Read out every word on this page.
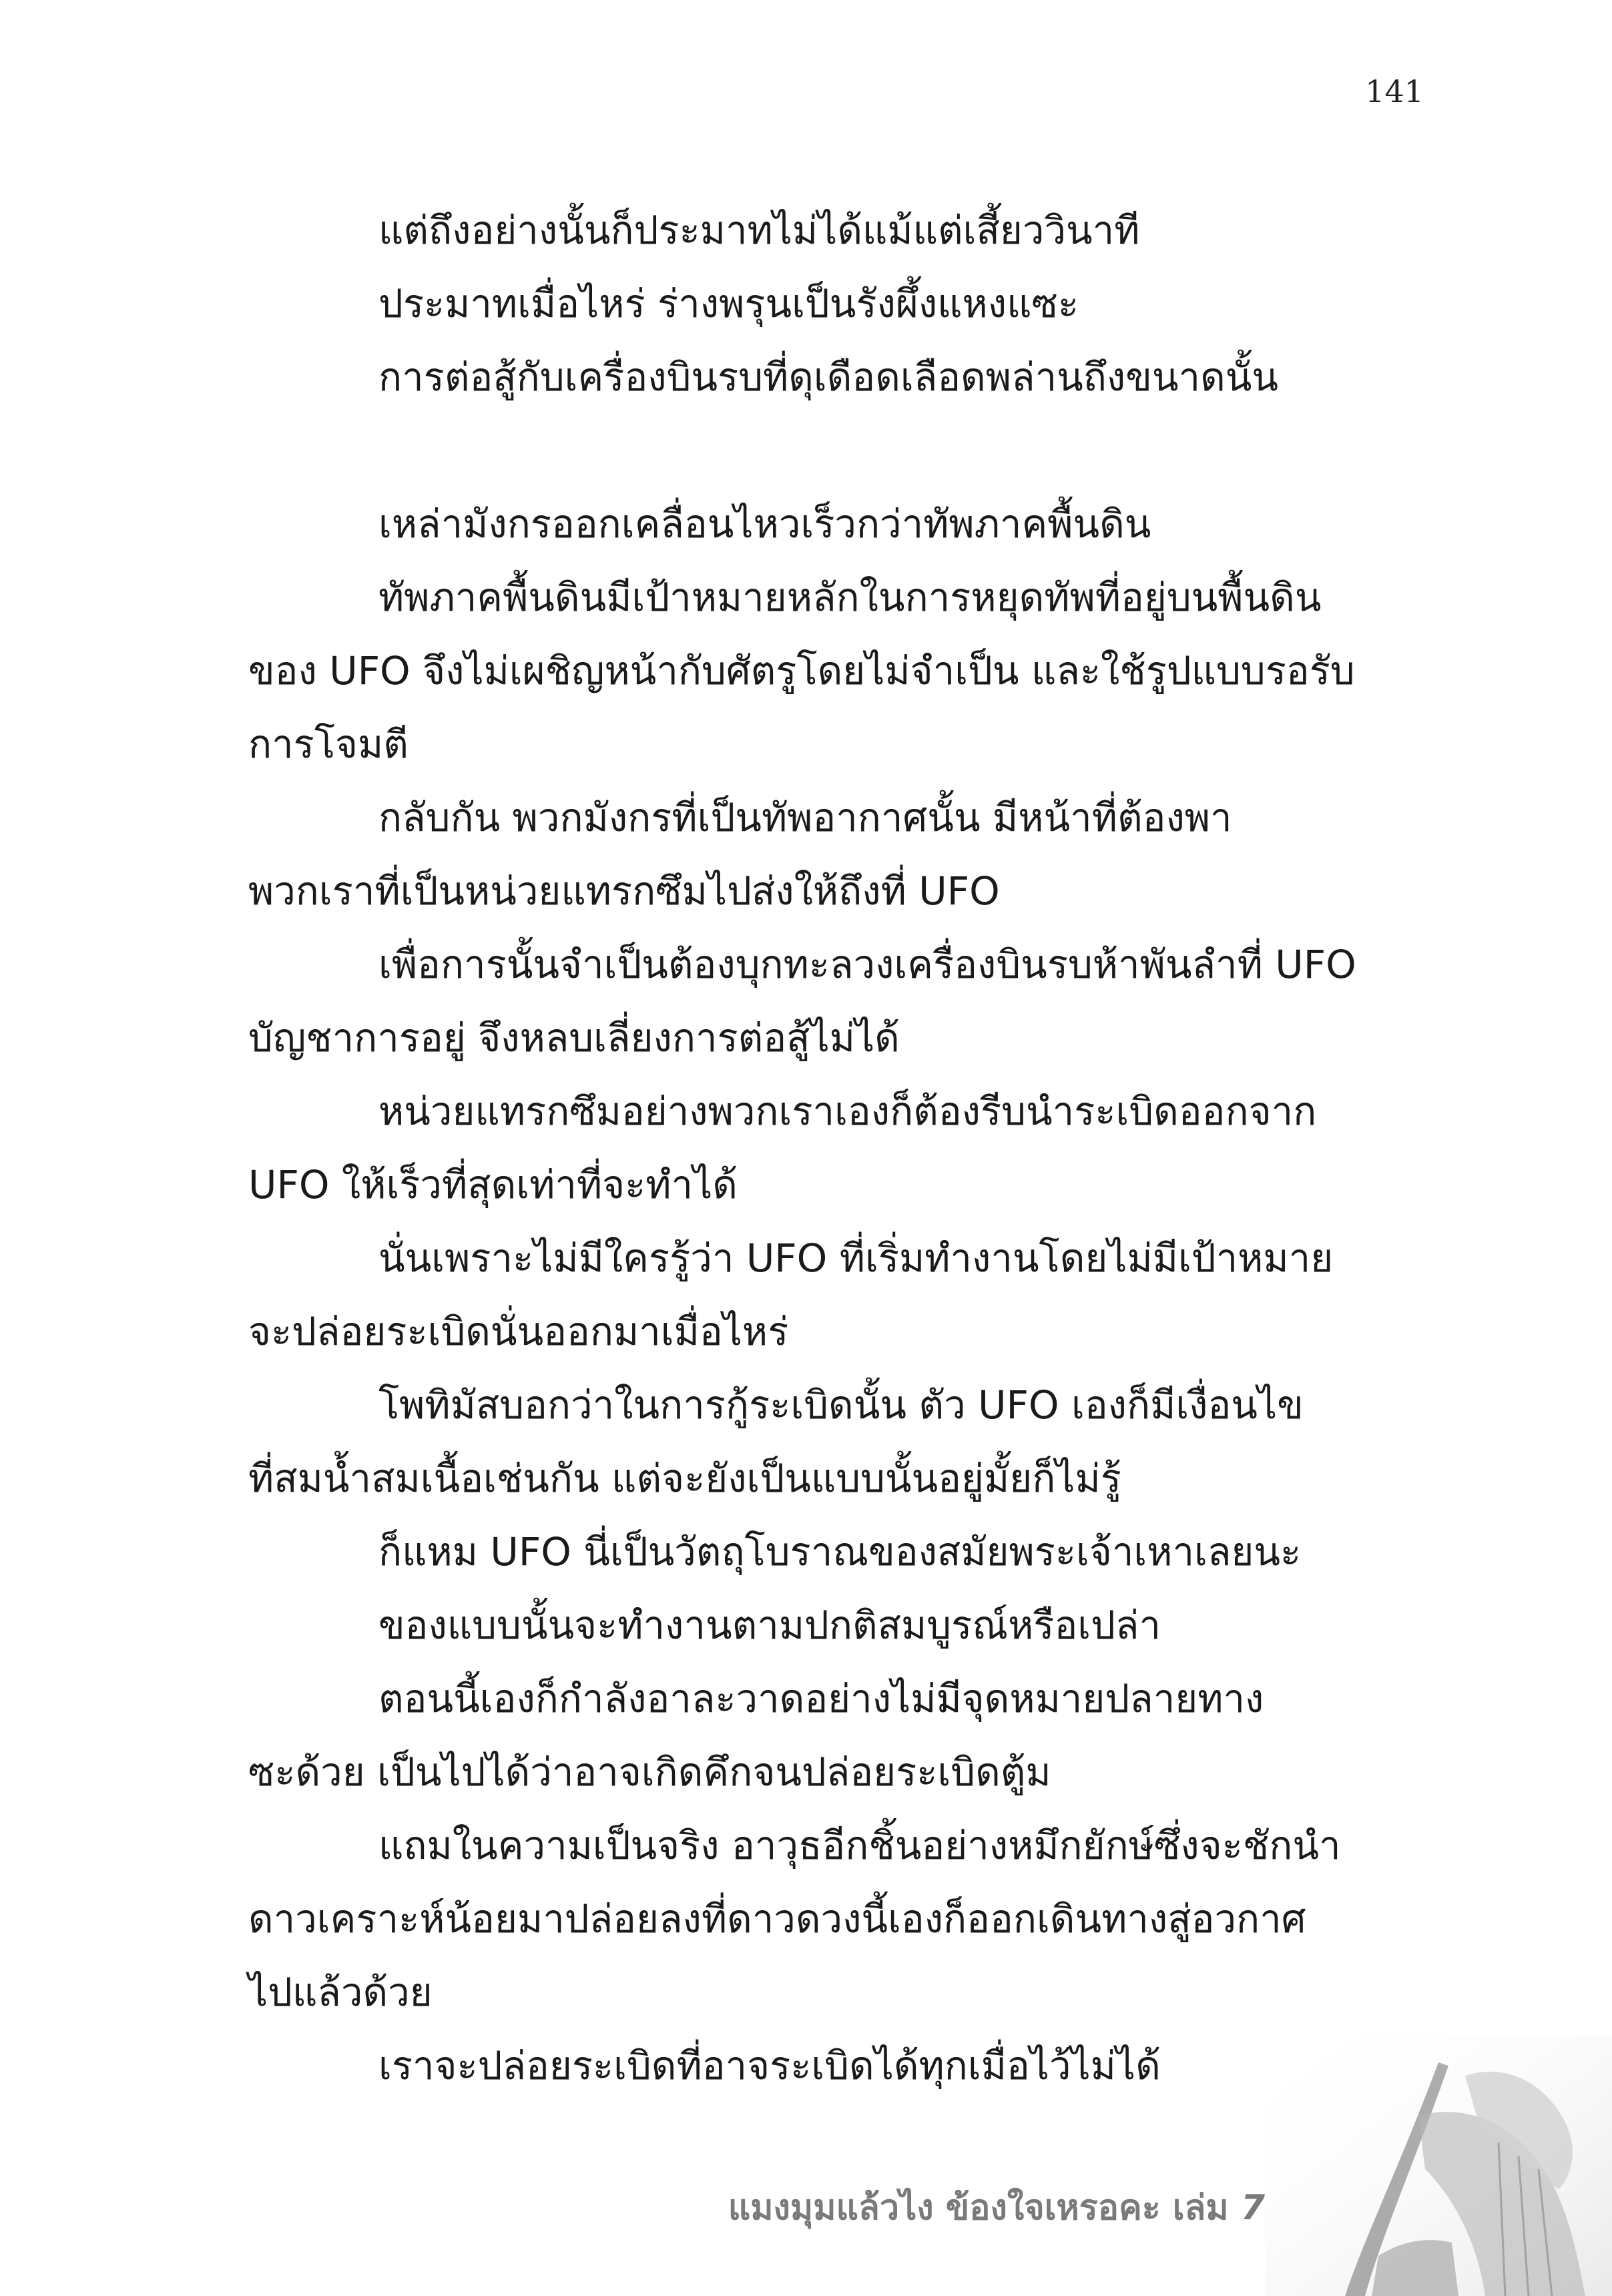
141
แต่ถึงอย่างนั้นก็ประมาทไม่ได้แม้แต่เสี้ยววินาที
ประมาทเมื่อไหร่ ร่างพรุนเป็นรังผึ้งแหงแซะ
การต่อสู้กับเครื่องบินรบที่ดุเดือดเลือดพล่านถึงขนาดนั้น
เหล่ามังกรออกเคลื่อนไหวเร็วกว่าทัพภาคพื้นดิน
ทัพภาคพื้นดินมีเป้าหมายหลักในการหยุดทัพที่อยู่บนพื้นดิน
ของ UFO จึงไม่เผชิญหน้ากับศัตรูโดยไม่จำเป็น และใช้รูปแบบรอรับ
การโจมตี
กลับกัน พวกมังกรที่เป็นทัพอากาศนั้น มีหน้าที่ต้องพา
พวกเราที่เป็นหน่วยแทรกซึมไปส่งให้ถึงที่ UFO
เพื่อการนั้นจำเป็นต้องบุกทะลวงเครื่องบินรบห้าพันลำที่ UFO
บัญชาการอยู่ จึงหลบเลี่ยงการต่อสู้ไม่ได้
หน่วยแทรกซึมอย่างพวกเราเองก็ต้องรีบนำระเบิดออกจาก
UFO ให้เร็วที่สุดเท่าที่จะทำได้
นั่นเพราะไม่มีใครรู้ว่า UFO ที่เริ่มทำงานโดยไม่มีเป้าหมาย
จะปล่อยระเบิดนั่นออกมาเมื่อไหร่
โพทิมัสบอกว่าในการกู้ระเบิดนั้น ตัว UFO เองก็มีเงื่อนไข
ที่สมน้ำสมเนื้อเช่นกัน แต่จะยังเป็นแบบนั้นอยู่มั้ยก็ไม่รู้
ก็แหม UFO นี่เป็นวัตถุโบราณของสมัยพระเจ้าเหาเลยนะ
ของแบบนั้นจะทำงานตามปกติสมบูรณ์หรือเปล่า
ตอนนี้เองก็กำลังอาละวาดอย่างไม่มีจุดหมายปลายทาง
ซะด้วย เป็นไปได้ว่าอาจเกิดคึกจนปล่อยระเบิดตู้ม
แถมในความเป็นจริง อาวุธอีกชิ้นอย่างหมึกยักษ์ซึ่งจะชักนำ
ดาวเคราะห์น้อยมาปล่อยลงที่ดาวดวงนี้เองก็ออกเดินทางสู่อวกาศ
ไปแล้วด้วย
เราจะปล่อยระเบิดที่อาจระเบิดได้ทุกเมื่อไว้ไม่ได้
แมงมุมแล้วไง ข้องใจเหรอคะ เล่ม 7
